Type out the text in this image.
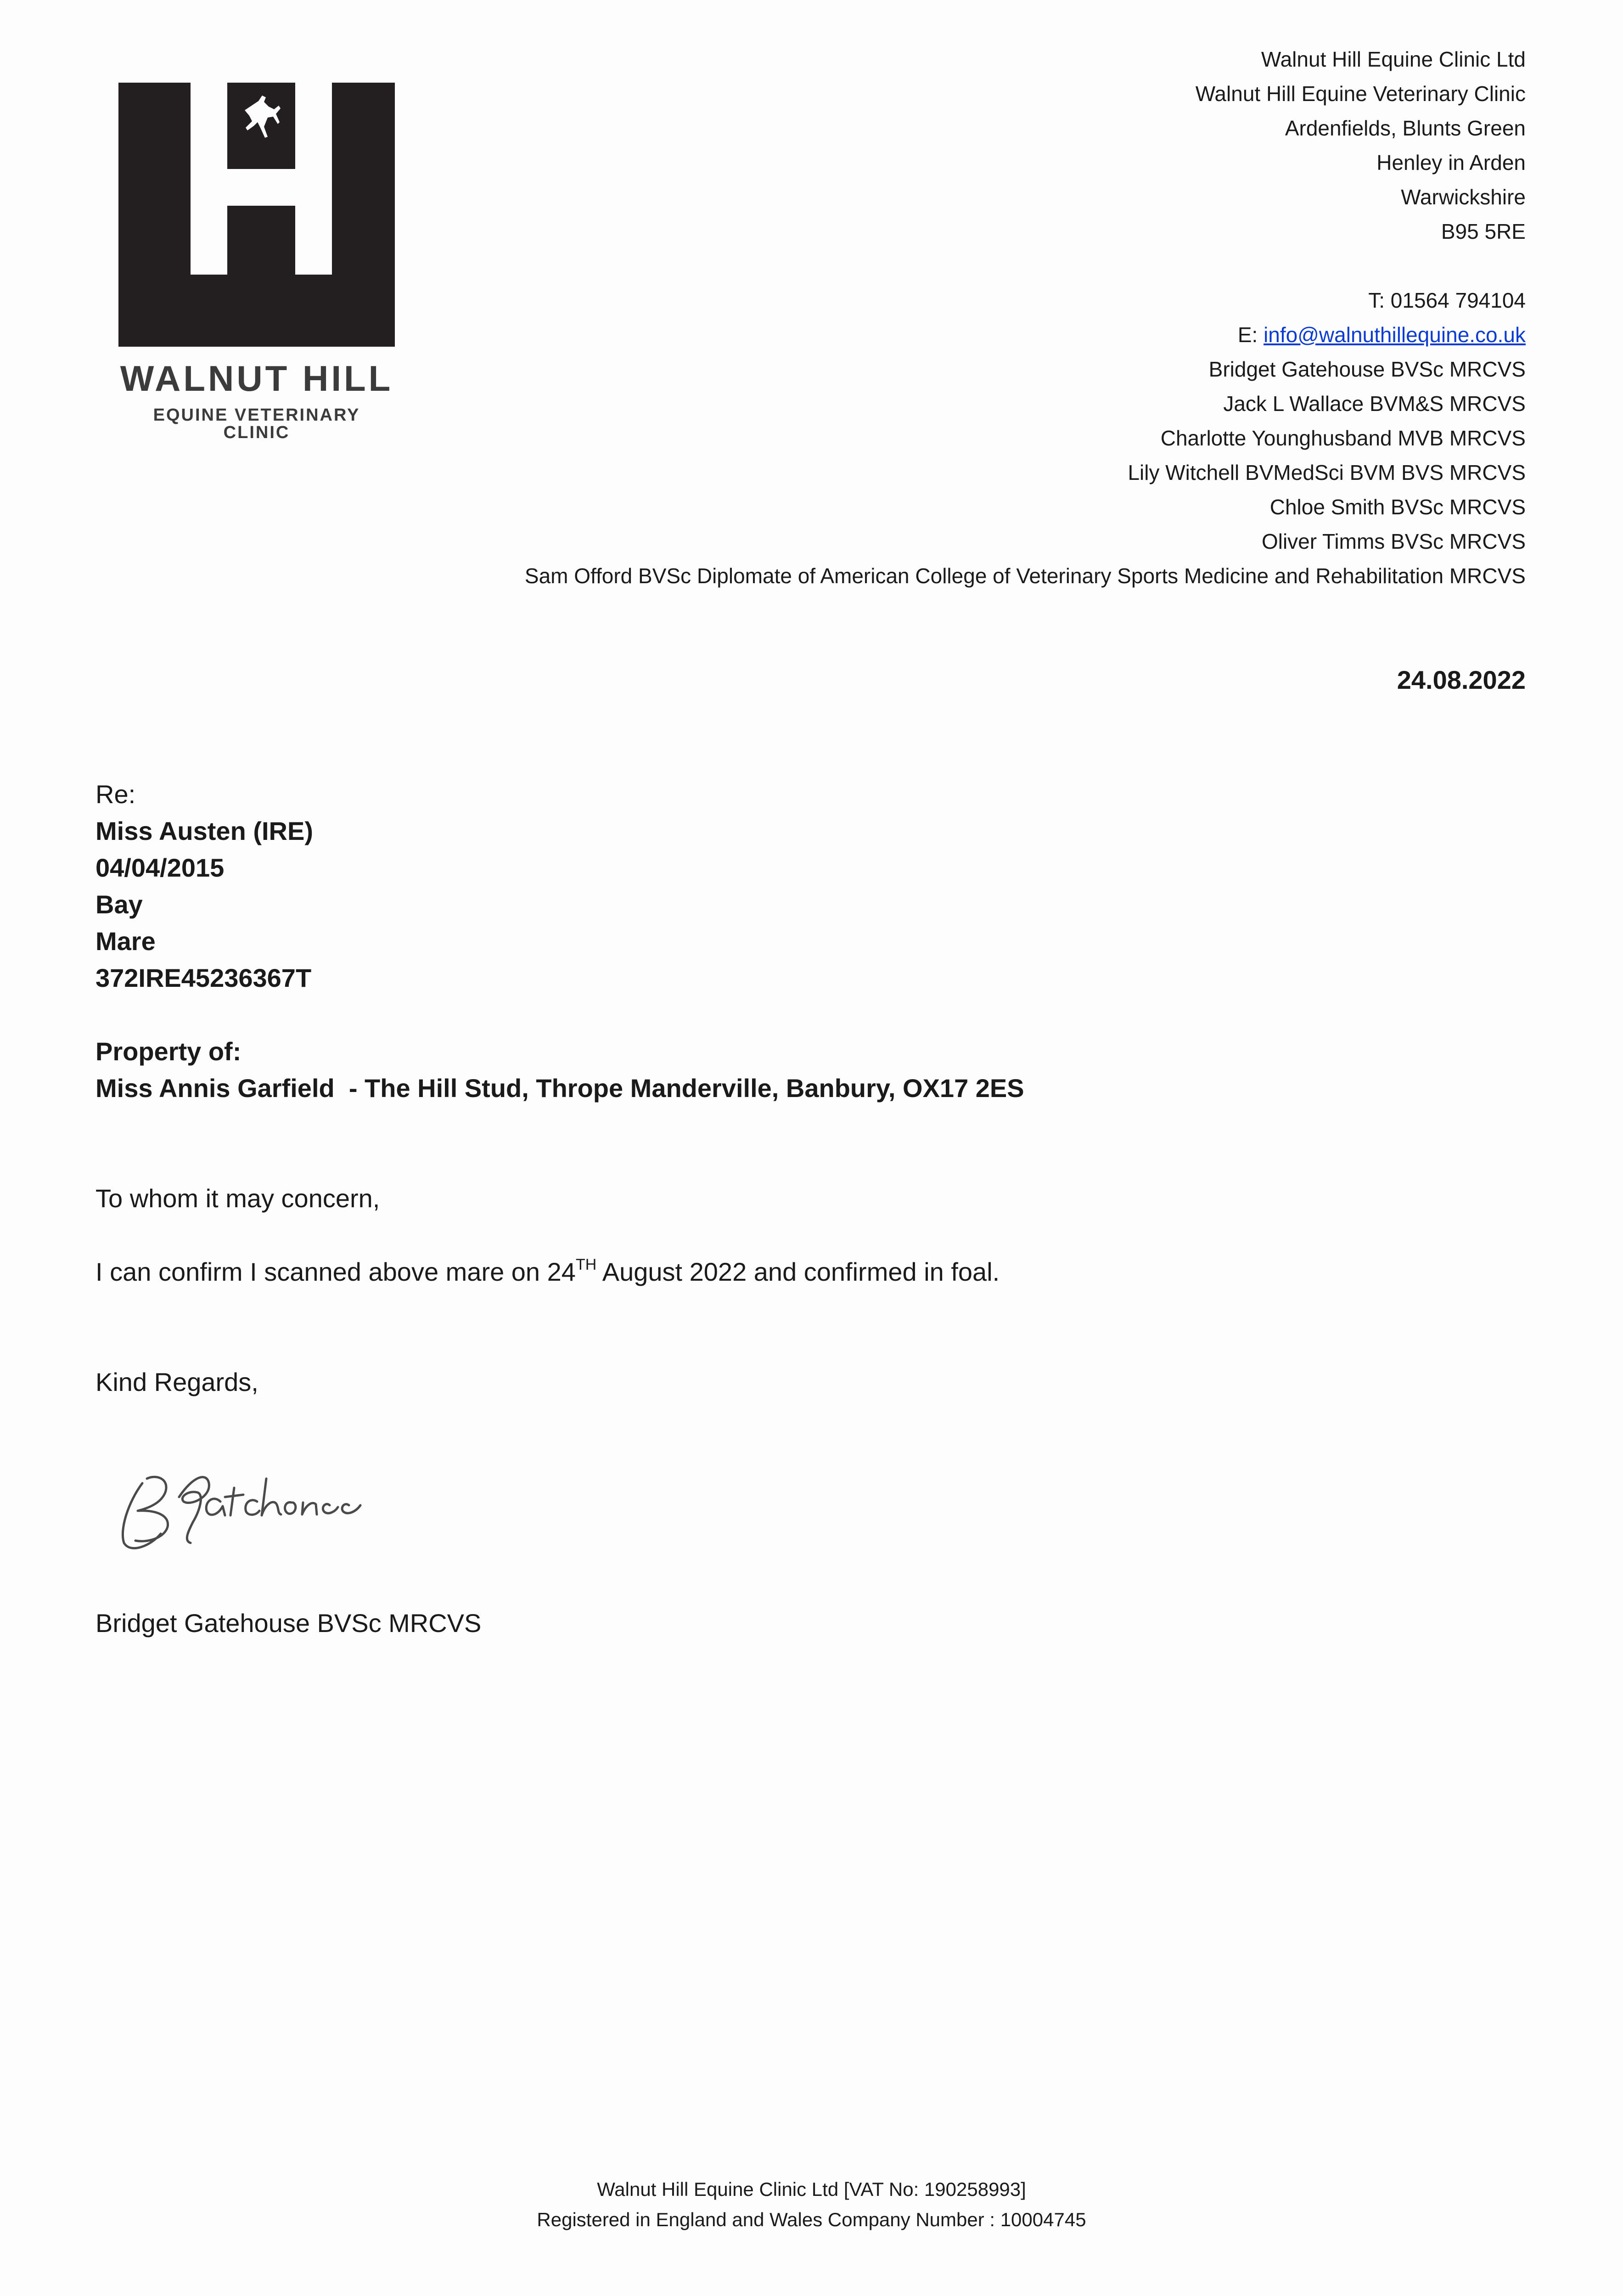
WALNUT HILL
EQUINE VETERINARY CLINIC
Walnut Hill Equine Clinic Ltd
Walnut Hill Equine Veterinary Clinic
Ardenfields, Blunts Green
Henley in Arden
Warwickshire
B95 5RE
T: 01564 794104
E: info@walnuthillequine.co.uk
Bridget Gatehouse BVSc MRCVS
Jack L Wallace BVM&S MRCVS
Charlotte Younghusband MVB MRCVS
Lily Witchell BVMedSci BVM BVS MRCVS
Chloe Smith BVSc MRCVS
Oliver Timms BVSc MRCVS
Sam Offord BVSc Diplomate of American College of Veterinary Sports Medicine and Rehabilitation MRCVS
24.08.2022
Re:
Miss Austen (IRE)
04/04/2015
Bay
Mare
372IRE45236367T
Property of:
Miss Annis Garfield  - The Hill Stud, Thrope Manderville, Banbury, OX17 2ES
To whom it may concern,
I can confirm I scanned above mare on 24TH August 2022 and confirmed in foal.
Kind Regards,
Bridget Gatehouse BVSc MRCVS
Walnut Hill Equine Clinic Ltd [VAT No: 190258993]
Registered in England and Wales Company Number : 10004745
